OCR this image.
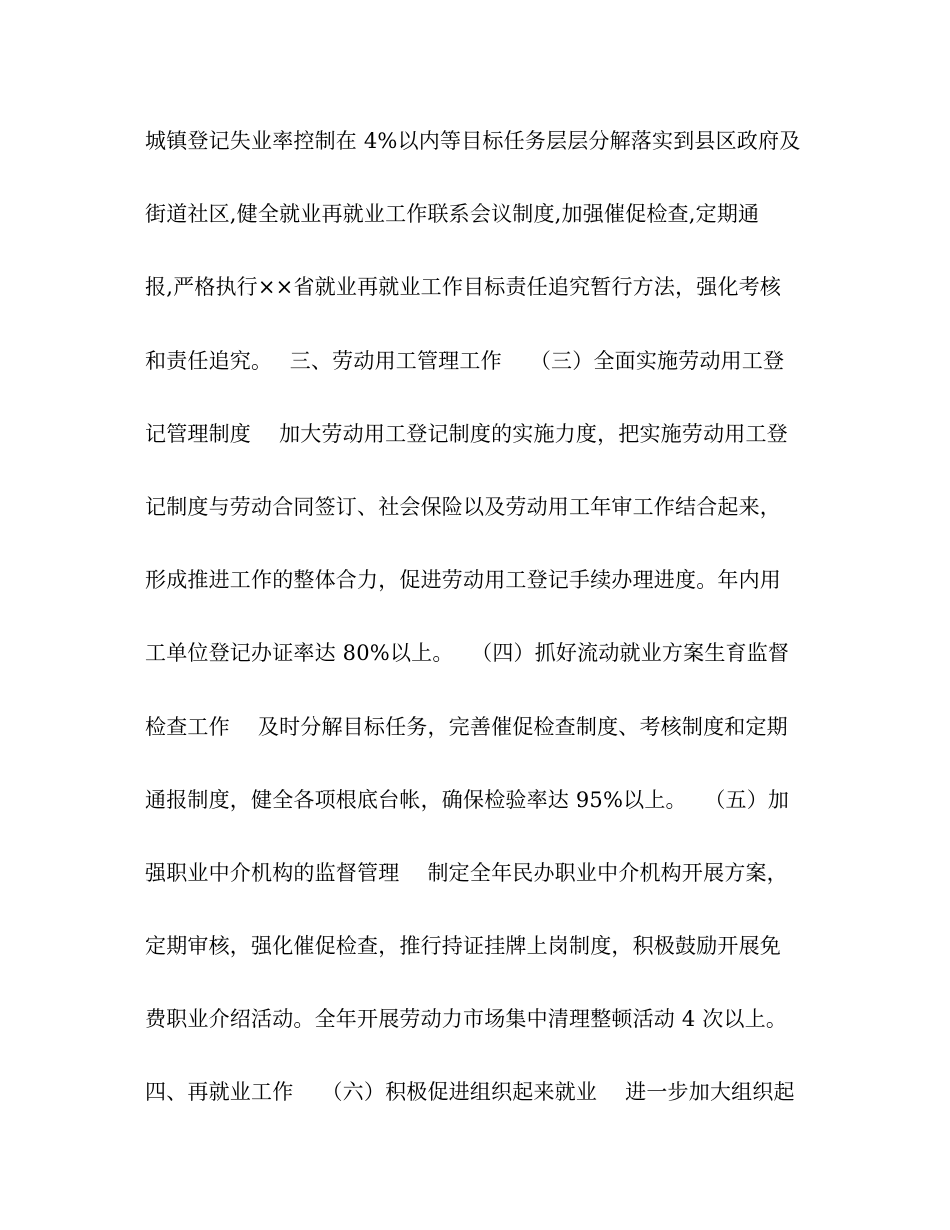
城镇登记失业率控制在 4%以内等目标任务层层分解落实到县区政府及
街道社区,健全就业再就业工作联系会议制度,加强催促检查,定期通
报,严格执行××省就业再就业工作目标责任追究暂行方法，强化考核
和责任追究。　 三、劳动用工管理工作　 （三）全面实施劳动用工登
记管理制度　 加大劳动用工登记制度的实施力度，把实施劳动用工登
记制度与劳动合同签订、社会保险以及劳动用工年审工作结合起来，
形成推进工作的整体合力，促进劳动用工登记手续办理进度。年内用
工单位登记办证率达 80%以上。　 （四）抓好流动就业方案生育监督
检查工作　 及时分解目标任务，完善催促检查制度、考核制度和定期
通报制度，健全各项根底台帐，确保检验率达 95%以上。　 （五）加
强职业中介机构的监督管理　 制定全年民办职业中介机构开展方案，
定期审核，强化催促检查，推行持证挂牌上岗制度，积极鼓励开展免
费职业介绍活动。全年开展劳动力市场集中清理整顿活动 4 次以上。
四、再就业工作　 （六）积极促进组织起来就业　 进一步加大组织起
